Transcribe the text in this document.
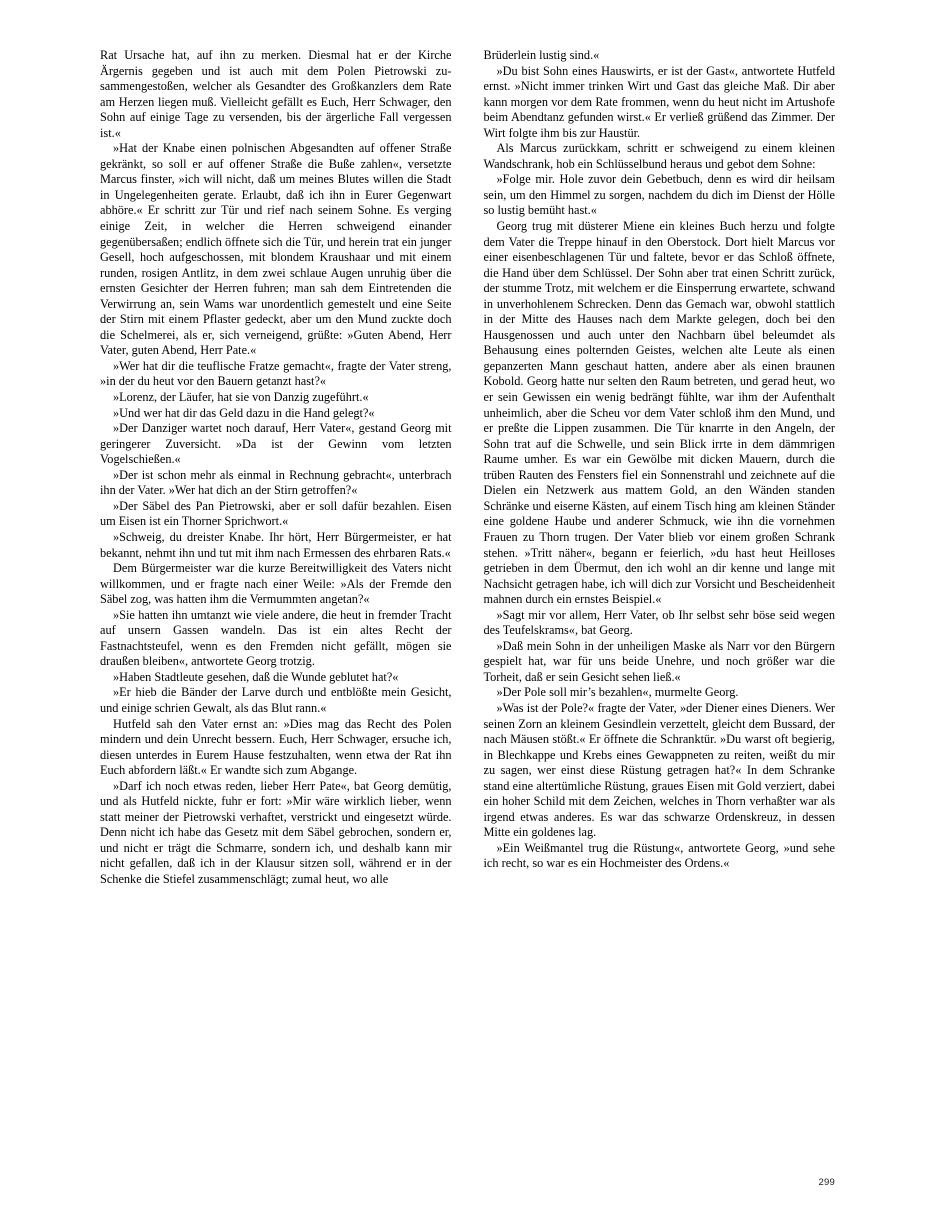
Rat Ursache hat, auf ihn zu merken. Diesmal hat er der Kirche Ärgernis gegeben und ist auch mit dem Polen Pietrowski zusammengestoßen, welcher als Gesandter des Großkanzlers dem Rate am Herzen liegen muß. Vielleicht gefällt es Euch, Herr Schwager, den Sohn auf einige Tage zu versenden, bis der ärgerliche Fall vergessen ist.«

»Hat der Knabe einen polnischen Abgesandten auf offener Straße gekränkt, so soll er auf offener Straße die Buße zahlen«, versetzte Marcus finster, »ich will nicht, daß um meines Blutes willen die Stadt in Ungelegenheiten gerate. Erlaubt, daß ich ihn in Eurer Gegenwart abhöre.« Er schritt zur Tür und rief nach seinem Sohne. Es verging einige Zeit, in welcher die Herren schweigend einander gegenübersaßen; endlich öffnete sich die Tür, und herein trat ein junger Gesell, hoch aufgeschossen, mit blondem Kraushaar und mit einem runden, rosigen Antlitz, in dem zwei schlaue Augen unruhig über die ernsten Gesichter der Herren fuhren; man sah dem Eintretenden die Verwirrung an, sein Wams war unordentlich gemestelt und eine Seite der Stirn mit einem Pflaster gedeckt, aber um den Mund zuckte doch die Schelmerei, als er, sich verneigend, grüßte: »Guten Abend, Herr Vater, guten Abend, Herr Pate.«

»Wer hat dir die teuflische Fratze gemacht«, fragte der Vater streng, »in der du heut vor den Bauern getanzt hast?«

»Lorenz, der Läufer, hat sie von Danzig zugeführt.«

»Und wer hat dir das Geld dazu in die Hand gelegt?«

»Der Danziger wartet noch darauf, Herr Vater«, gestand Georg mit geringerer Zuversicht. »Da ist der Gewinn vom letzten Vogelschießen.«

»Der ist schon mehr als einmal in Rechnung gebracht«, unterbrach ihn der Vater. »Wer hat dich an der Stirn getroffen?«

»Der Säbel des Pan Pietrowski, aber er soll dafür bezahlen. Eisen um Eisen ist ein Thorner Sprichwort.«

»Schweig, du dreister Knabe. Ihr hört, Herr Bürgermeister, er hat bekannt, nehmt ihn und tut mit ihm nach Ermessen des ehrbaren Rats.«

Dem Bürgermeister war die kurze Bereitwilligkeit des Vaters nicht willkommen, und er fragte nach einer Weile: »Als der Fremde den Säbel zog, was hatten ihm die Vermummten angetan?«

»Sie hatten ihn umtanzt wie viele andere, die heut in fremder Tracht auf unsern Gassen wandeln. Das ist ein altes Recht der Fastnachtsteufel, wenn es den Fremden nicht gefällt, mögen sie draußen bleiben«, antwortete Georg trotzig.

»Haben Stadtleute gesehen, daß die Wunde geblutet hat?«

»Er hieb die Bänder der Larve durch und entblößte mein Gesicht, und einige schrien Gewalt, als das Blut rann.«

Hutfeld sah den Vater ernst an: »Dies mag das Recht des Polen mindern und dein Unrecht bessern. Euch, Herr Schwager, ersuche ich, diesen unterdes in Eurem Hause festzuhalten, wenn etwa der Rat ihn Euch abfordern läßt.« Er wandte sich zum Abgange.

»Darf ich noch etwas reden, lieber Herr Pate«, bat Georg demütig, und als Hutfeld nickte, fuhr er fort: »Mir wäre wirklich lieber, wenn statt meiner der Pietrowski verhaftet, verstrickt und eingesetzt würde. Denn nicht ich habe das Gesetz mit dem Säbel gebrochen, sondern er, und nicht er trägt die Schmarre, sondern ich, und deshalb kann mir nicht gefallen, daß ich in der Klausur sitzen soll, während er in der Schenke die Stiefel zusammenschlägt; zumal heut, wo alle

Brüderlein lustig sind.«

»Du bist Sohn eines Hauswirts, er ist der Gast«, antwortete Hutfeld ernst. »Nicht immer trinken Wirt und Gast das gleiche Maß. Dir aber kann morgen vor dem Rate frommen, wenn du heut nicht im Artushofe beim Abendtanz gefunden wirst.« Er verließ grüßend das Zimmer. Der Wirt folgte ihm bis zur Haustür.

Als Marcus zurückkam, schritt er schweigend zu einem kleinen Wandschrank, hob ein Schlüsselbund heraus und gebot dem Sohne:

»Folge mir. Hole zuvor dein Gebetbuch, denn es wird dir heilsam sein, um den Himmel zu sorgen, nachdem du dich im Dienst der Hölle so lustig bemüht hast.«

Georg trug mit düsterer Miene ein kleines Buch herzu und folgte dem Vater die Treppe hinauf in den Oberstock. Dort hielt Marcus vor einer eisenbeschlagenen Tür und faltete, bevor er das Schloß öffnete, die Hand über dem Schlüssel. Der Sohn aber trat einen Schritt zurück, der stumme Trotz, mit welchem er die Einsperrung erwartete, schwand in unverhohlenem Schrecken. Denn das Gemach war, obwohl stattlich in der Mitte des Hauses nach dem Markte gelegen, doch bei den Hausgenossen und auch unter den Nachbarn übel beleumdet als Behausung eines polternden Geistes, welchen alte Leute als einen gepanzerten Mann geschaut hatten, andere aber als einen braunen Kobold. Georg hatte nur selten den Raum betreten, und gerad heut, wo er sein Gewissen ein wenig bedrängt fühlte, war ihm der Aufenthalt unheimlich, aber die Scheu vor dem Vater schloß ihm den Mund, und er preßte die Lippen zusammen. Die Tür knarrte in den Angeln, der Sohn trat auf die Schwelle, und sein Blick irrte in dem dämmrigen Raume umher. Es war ein Gewölbe mit dicken Mauern, durch die trüben Rauten des Fensters fiel ein Sonnenstrahl und zeichnete auf die Dielen ein Netzwerk aus mattem Gold, an den Wänden standen Schränke und eiserne Kästen, auf einem Tisch hing am kleinen Ständer eine goldene Haube und anderer Schmuck, wie ihn die vornehmen Frauen zu Thorn trugen. Der Vater blieb vor einem großen Schrank stehen. »Tritt näher«, begann er feierlich, »du hast heut Heilloses getrieben in dem Übermut, den ich wohl an dir kenne und lange mit Nachsicht getragen habe, ich will dich zur Vorsicht und Bescheidenheit mahnen durch ein ernstes Beispiel.«

»Sagt mir vor allem, Herr Vater, ob Ihr selbst sehr böse seid wegen des Teufelskrams«, bat Georg.

»Daß mein Sohn in der unheiligen Maske als Narr vor den Bürgern gespielt hat, war für uns beide Unehre, und noch größer war die Torheit, daß er sein Gesicht sehen ließ.«

»Der Pole soll mir’s bezahlen«, murmelte Georg.

»Was ist der Pole?« fragte der Vater, »der Diener eines Dieners. Wer seinen Zorn an kleinem Gesindlein verzettelt, gleicht dem Bussard, der nach Mäusen stößt.« Er öffnete die Schranktür. »Du warst oft begierig, in Blechkappe und Krebs eines Gewappneten zu reiten, weißt du mir zu sagen, wer einst diese Rüstung getragen hat?« In dem Schranke stand eine altertümliche Rüstung, graues Eisen mit Gold verziert, dabei ein hoher Schild mit dem Zeichen, welches in Thorn verhaßter war als irgend etwas anderes. Es war das schwarze Ordenskreuz, in dessen Mitte ein goldenes lag.

»Ein Weißmantel trug die Rüstung«, antwortete Georg, »und sehe ich recht, so war es ein Hochmeister des Ordens.«

299
